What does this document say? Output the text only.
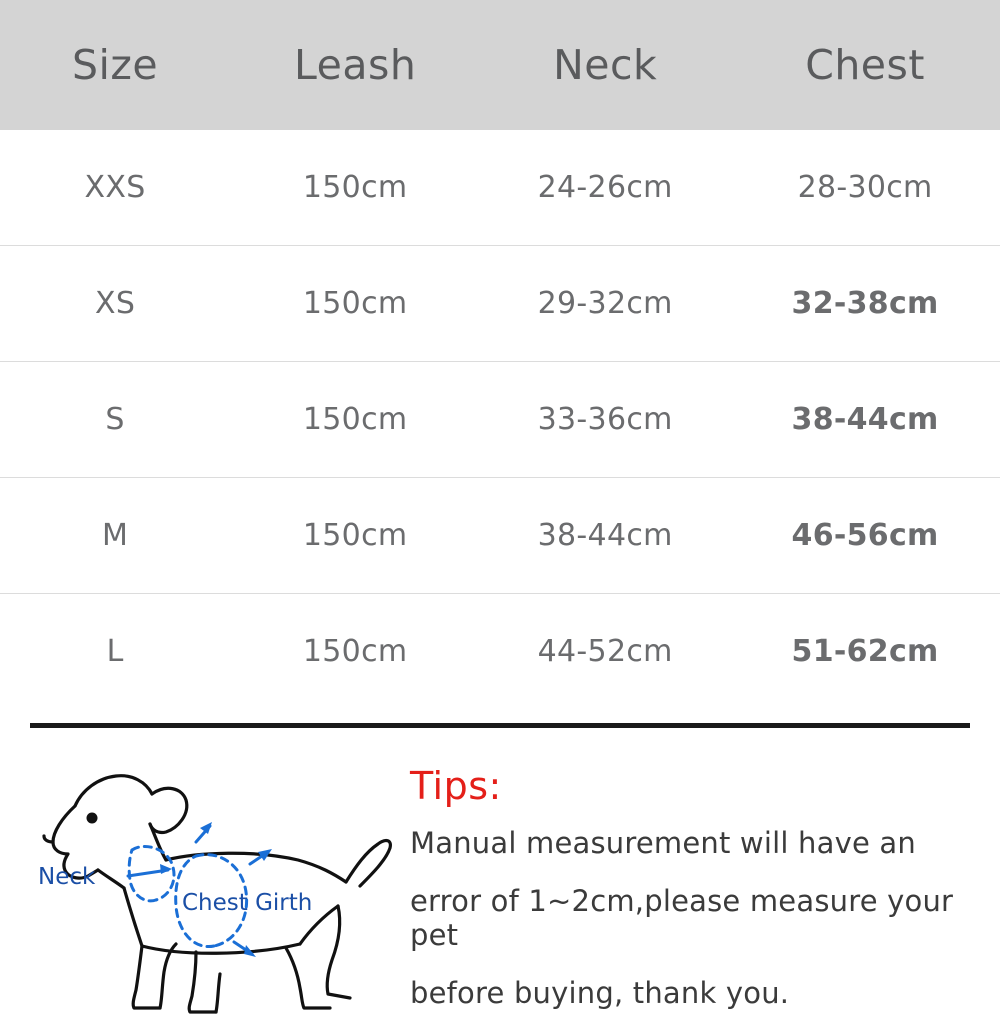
Size	Leash	Neck	Chest
XXS	150cm	24-26cm	28-30cm
XS	150cm	29-32cm	32-38cm
S	150cm	33-36cm	38-44cm
M	150cm	38-44cm	46-56cm
L	150cm	44-52cm	51-62cm
Neck
Chest Girth
Tips:

Manual measurement will have an

error of 1~2cm,please measure your pet

before buying, thank you.
